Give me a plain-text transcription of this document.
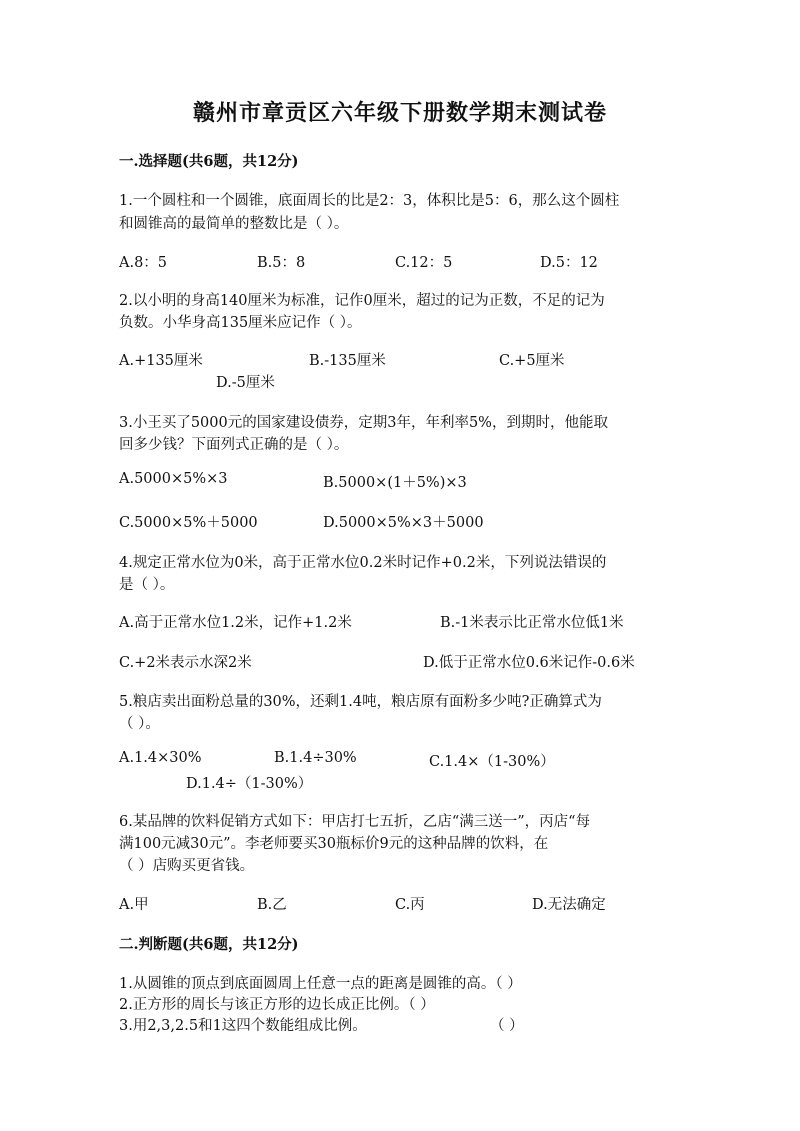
赣州市章贡区六年级下册数学期末测试卷
一.选择题(共6题，共12分)
1.一个圆柱和一个圆锥，底面周长的比是2：3，体积比是5：6，那么这个圆柱
和圆锥高的最简单的整数比是（ ）。
A.8：5	B.5：8	C.12：5	D.5：12
2.以小明的身高140厘米为标准，记作0厘米，超过的记为正数，不足的记为
负数。小华身高135厘米应记作（ ）。
A.+135厘米	B.-135厘米	C.+5厘米
D.-5厘米
3.小王买了5000元的国家建设债券，定期3年，年利率5%，到期时，他能取
回多少钱？下面列式正确的是（ ）。
A.5000×5%×3	B.5000×(1＋5%)×3
C.5000×5%＋5000	D.5000×5%×3＋5000
4.规定正常水位为0米，高于正常水位0.2米时记作+0.2米，下列说法错误的
是（ ）。
A.高于正常水位1.2米，记作+1.2米	B.-1米表示比正常水位低1米
C.+2米表示水深2米	D.低于正常水位0.6米记作-0.6米
5.粮店卖出面粉总量的30%，还剩1.4吨，粮店原有面粉多少吨?正确算式为
（ ）。
A.1.4×30%	B.1.4÷30%	C.1.4×（1-30%）
D.1.4÷（1-30%）
6.某品牌的饮料促销方式如下：甲店打七五折，乙店“满三送一”，丙店“每
满100元减30元”。李老师要买30瓶标价9元的这种品牌的饮料，在
（ ）店购买更省钱。
A.甲	B.乙	C.丙	D.无法确定
二.判断题(共6题，共12分)
1.从圆锥的顶点到底面圆周上任意一点的距离是圆锥的高。（ ）
2.正方形的周长与该正方形的边长成正比例。（ ）
3.用2,3,2.5和1这四个数能组成比例。	（ ）
